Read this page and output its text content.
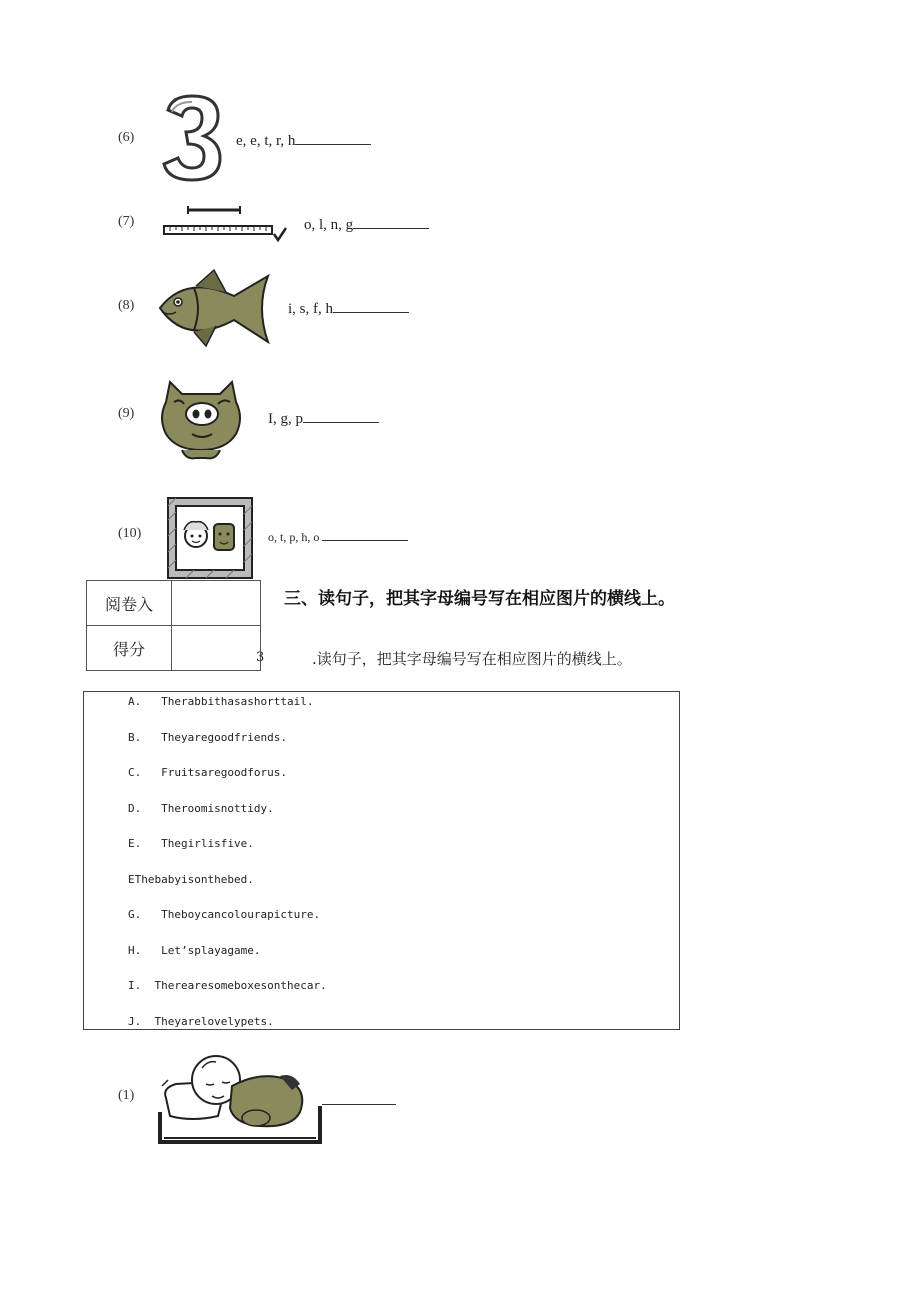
(6)	e, e, t, r, h
(7)	o, l, n, g
(8)	i, s, f, h
(9)	I, g, p
(10)	o, t, p, h, o
阅卷入	
得分	
三、读句子，把其字母编号写在相应图片的横线上。
3	.读句子，把其字母编号写在相应图片的横线上。
A. Therabbithasashorttail.
B. Theyaregoodfriends.
C. Fruitsaregoodforus.
D. Theroomisnottidy.
E. Thegirlisfive.
EThebabyisonthebed.
G. Theboycancolourapicture.
H. Let’splayagame.
I. Therearesomeboxesonthecar.
J. Theyarelovelypets.
(1)
